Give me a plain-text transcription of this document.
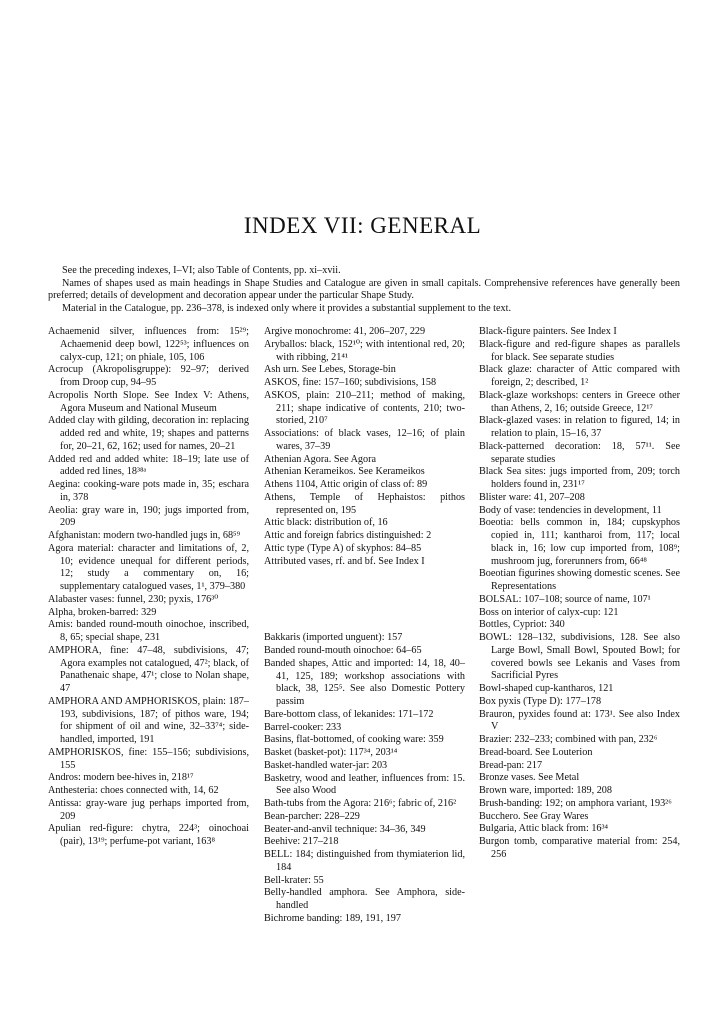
INDEX VII: GENERAL

See the preceding indexes, I–VI; also Table of Contents, pp. xi–xvii.

Names of shapes used as main headings in Shape Studies and Catalogue are given in small capitals. Comprehensive references have generally been preferred; details of development and decoration appear under the particular Shape Study.

Material in the Catalogue, pp. 236–378, is indexed only where it provides a substantial supplement to the text.

Achaemenid silver, influences from: 15²⁹; Achaemenid deep bowl, 122⁵³; influences on calyx-cup, 121; on phiale, 105, 106
Acrocup (Akropolisgruppe): 92–97; derived from Droop cup, 94–95
Acropolis North Slope. See Index V: Athens, Agora Museum and National Museum
Added clay with gilding, decoration in: replacing added red and white, 19; shapes and patterns for, 20–21, 62, 162; used for names, 20–21
Added red and added white: 18–19; late use of added red lines, 18³⁸ᵃ
Aegina: cooking-ware pots made in, 35; eschara in, 378
Aeolia: gray ware in, 190; jugs imported from, 209
Afghanistan: modern two-handled jugs in, 68⁵⁹
Agora material: character and limitations of, 2, 10; evidence unequal for different periods, 12; study a commentary on, 16; supplementary catalogued vases, 1¹, 379–380
Alabaster vases: funnel, 230; pyxis, 176³⁰
Alpha, broken-barred: 329
Amis: banded round-mouth oinochoe, inscribed, 8, 65; special shape, 231
AMPHORA, fine: 47–48, subdivisions, 47; Agora examples not catalogued, 47²; black, of Panathenaic shape, 47¹; close to Nolan shape, 47
AMPHORA AND AMPHORISKOS, plain: 187–193, subdivisions, 187; of pithos ware, 194; for shipment of oil and wine, 32–33⁷⁴; side-handled, imported, 191
AMPHORISKOS, fine: 155–156; subdivisions, 155
Andros: modern bee-hives in, 218¹⁷
Anthesteria: choes connected with, 14, 62
Antissa: gray-ware jug perhaps imported from, 209
Apulian red-figure: chytra, 224³; oinochoai (pair), 13¹⁹; perfume-pot variant, 163⁸
Argive monochrome: 41, 206–207, 229
Aryballos: black, 152¹⁰; with intentional red, 20; with ribbing, 21⁴¹
Ash urn. See Lebes, Storage-bin
ASKOS, fine: 157–160; subdivisions, 158
ASKOS, plain: 210–211; method of making, 211; shape indicative of contents, 210; two-storied, 210⁷
Associations: of black vases, 12–16; of plain wares, 37–39
Athenian Agora. See Agora
Athenian Kerameikos. See Kerameikos
Athens 1104, Attic origin of class of: 89
Athens, Temple of Hephaistos: pithos represented on, 195
Attic black: distribution of, 16
Attic and foreign fabrics distinguished: 2
Attic type (Type A) of skyphos: 84–85
Attributed vases, rf. and bf. See Index I
Bakkaris (imported unguent): 157
Banded round-mouth oinochoe: 64–65
Banded shapes, Attic and imported: 14, 18, 40–41, 125, 189; workshop associations with black, 38, 125⁵. See also Domestic Pottery passim
Bare-bottom class, of lekanides: 171–172
Barrel-cooker: 233
Basins, flat-bottomed, of cooking ware: 359
Basket (basket-pot): 117³⁴, 203¹⁴
Basket-handled water-jar: 203
Basketry, wood and leather, influences from: 15. See also Wood
Bath-tubs from the Agora: 216⁶; fabric of, 216²
Bean-parcher: 228–229
Beater-and-anvil technique: 34–36, 349
Beehive: 217–218
BELL: 184; distinguished from thymiaterion lid, 184
Bell-krater: 55
Belly-handled amphora. See Amphora, side-handled
Bichrome banding: 189, 191, 197
Black-figure painters. See Index I
Black-figure and red-figure shapes as parallels for black. See separate studies
Black glaze: character of Attic compared with foreign, 2; described, 1²
Black-glaze workshops: centers in Greece other than Athens, 2, 16; outside Greece, 12¹⁷
Black-glazed vases: in relation to figured, 14; in relation to plain, 15–16, 37
Black-patterned decoration: 18, 57¹¹. See separate studies
Black Sea sites: jugs imported from, 209; torch holders found in, 231¹⁷
Blister ware: 41, 207–208
Body of vase: tendencies in development, 11
Boeotia: bells common in, 184; cupskyphos copied in, 111; kantharoi from, 117; local black in, 16; low cup imported from, 108⁹; mushroom jug, forerunners from, 66⁴⁸
Boeotian figurines showing domestic scenes. See Representations
BOLSAL: 107–108; source of name, 107¹
Boss on interior of calyx-cup: 121
Bottles, Cypriot: 340
BOWL: 128–132, subdivisions, 128. See also Large Bowl, Small Bowl, Spouted Bowl; for covered bowls see Lekanis and Vases from Sacrificial Pyres
Bowl-shaped cup-kantharos, 121
Box pyxis (Type D): 177–178
Brauron, pyxides found at: 173¹. See also Index V
Brazier: 232–233; combined with pan, 232⁶
Bread-board. See Louterion
Bread-pan: 217
Bronze vases. See Metal
Brown ware, imported: 189, 208
Brush-banding: 192; on amphora variant, 193²⁶
Bucchero. See Gray Wares
Bulgaria, Attic black from: 16³⁴
Burgon tomb, comparative material from: 254, 256
